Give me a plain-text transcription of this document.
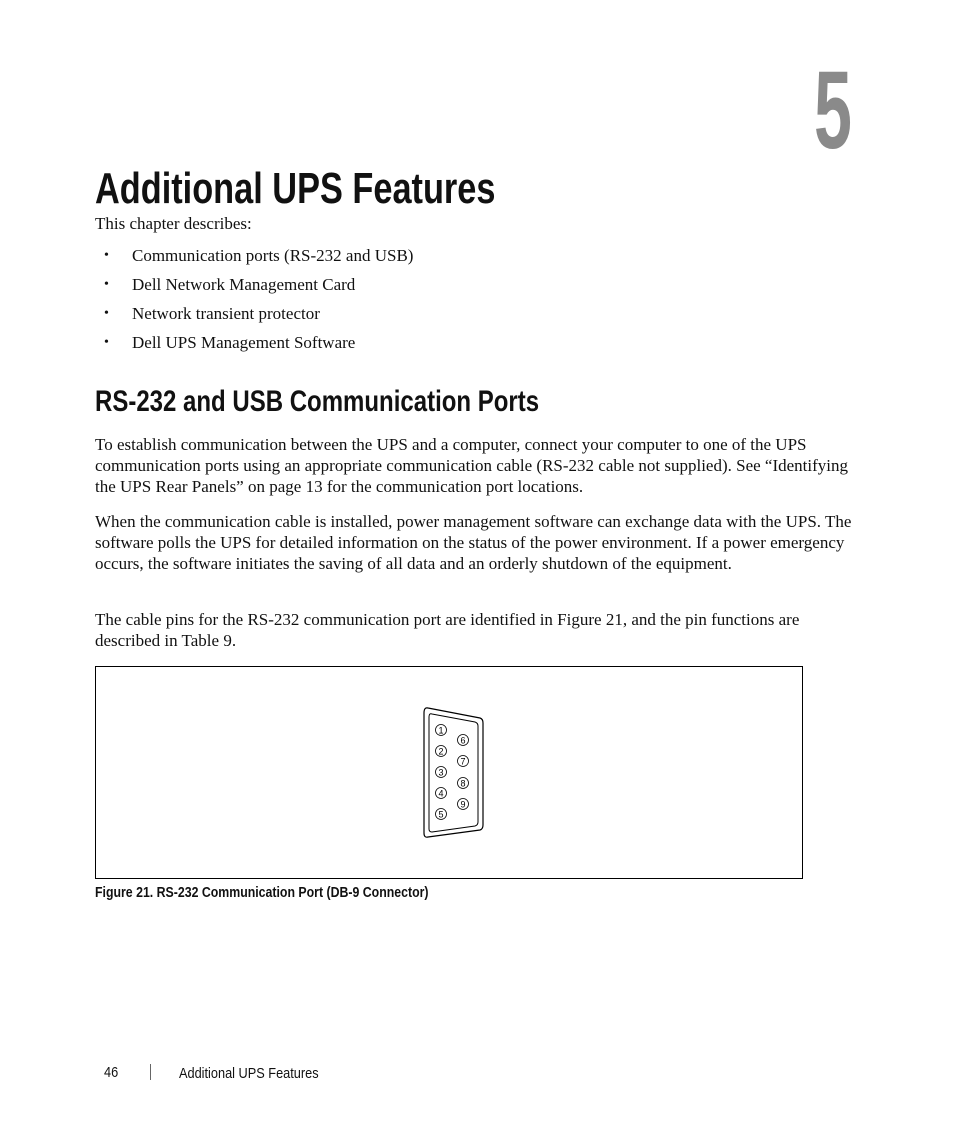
5
Additional UPS Features

This chapter describes:

•	Communication ports (RS-232 and USB)
•	Dell Network Management Card
•	Network transient protector
•	Dell UPS Management Software
RS-232 and USB Communication Ports

To establish communication between the UPS and a computer, connect your computer to one of the UPS communication ports using an appropriate communication cable (RS-232 cable not supplied). See “Identifying the UPS Rear Panels” on page 13 for the communication port locations.

When the communication cable is installed, power management software can exchange data with the UPS. The software polls the UPS for detailed information on the status of the power environment. If a power emergency occurs, the software initiates the saving of all data and an orderly shutdown of the equipment.

The cable pins for the RS-232 communication port are identified in Figure 21, and the pin functions are described in Table 9.

1
2
3
4
5
6
7
8
9
Figure 21. RS-232 Communication Port (DB-9 Connector)
46	Additional UPS Features
